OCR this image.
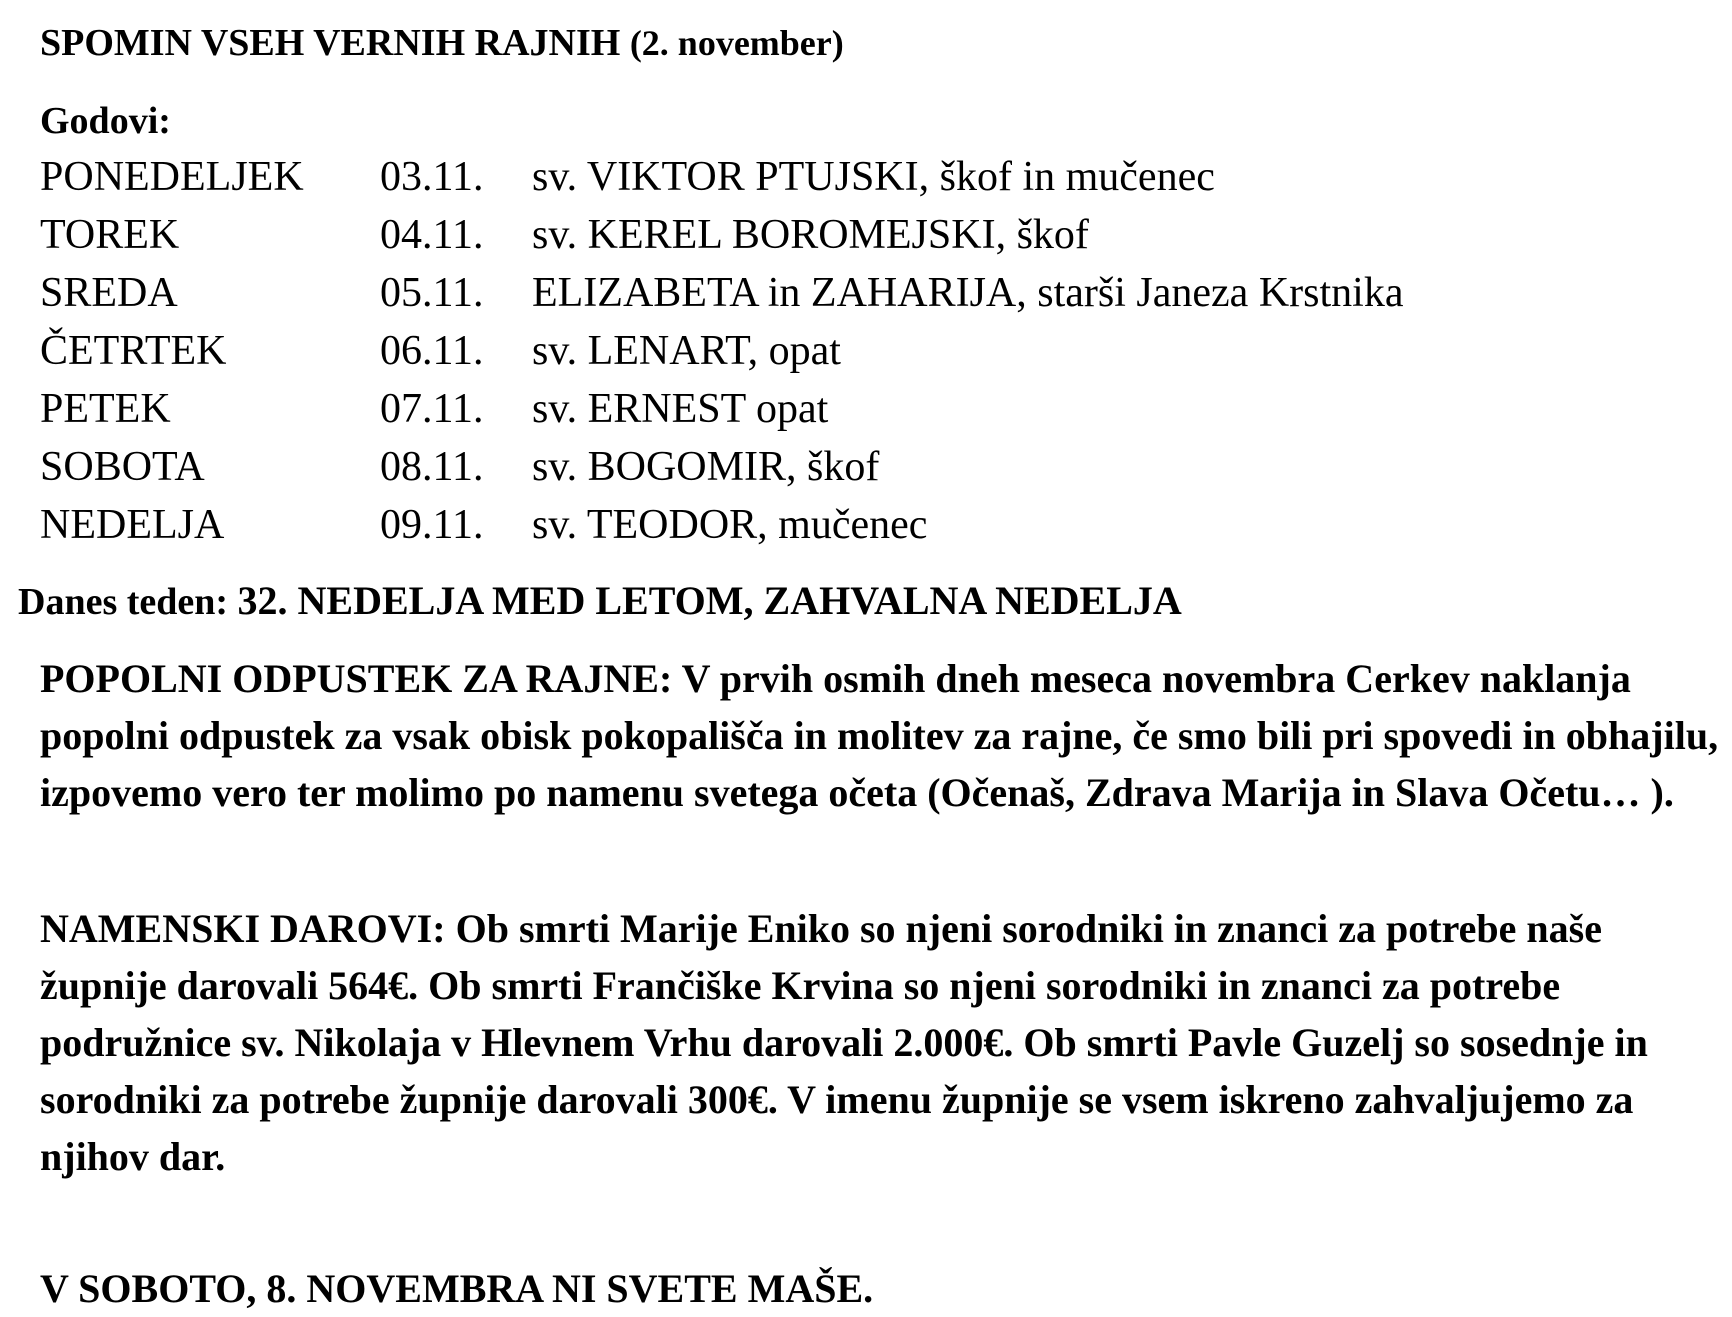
SPOMIN VSEH VERNIH RAJNIH (2. november)
Godovi:
PONEDELJEK	03.11.	sv. VIKTOR PTUJSKI, škof in mučenec
TOREK	04.11.	sv. KEREL BOROMEJSKI, škof
SREDA	05.11.	ELIZABETA in ZAHARIJA, starši Janeza Krstnika
ČETRTEK	06.11.	sv. LENART, opat
PETEK	07.11.	sv. ERNEST opat
SOBOTA	08.11.	sv. BOGOMIR, škof
NEDELJA	09.11.	sv. TEODOR, mučenec
Danes teden: 32. NEDELJA MED LETOM, ZAHVALNA NEDELJA

POPOLNI ODPUSTEK ZA RAJNE: V prvih osmih dneh meseca novembra Cerkev naklanja popolni odpustek za vsak obisk pokopališča in molitev za rajne, če smo bili pri spovedi in obhajilu, izpovemo vero ter molimo po namenu svetega očeta (Očenaš, Zdrava Marija in Slava Očetu… ).

NAMENSKI DAROVI: Ob smrti Marije Eniko so njeni sorodniki in znanci za potrebe naše župnije darovali 564€. Ob smrti Frančiške Krvina so njeni sorodniki in znanci za potrebe podružnice sv. Nikolaja v Hlevnem Vrhu darovali 2.000€. Ob smrti Pavle Guzelj so sosednje in sorodniki za potrebe župnije darovali 300€. V imenu župnije se vsem iskreno zahvaljujemo za njihov dar.

V SOBOTO, 8. NOVEMBRA NI SVETE MAŠE.
